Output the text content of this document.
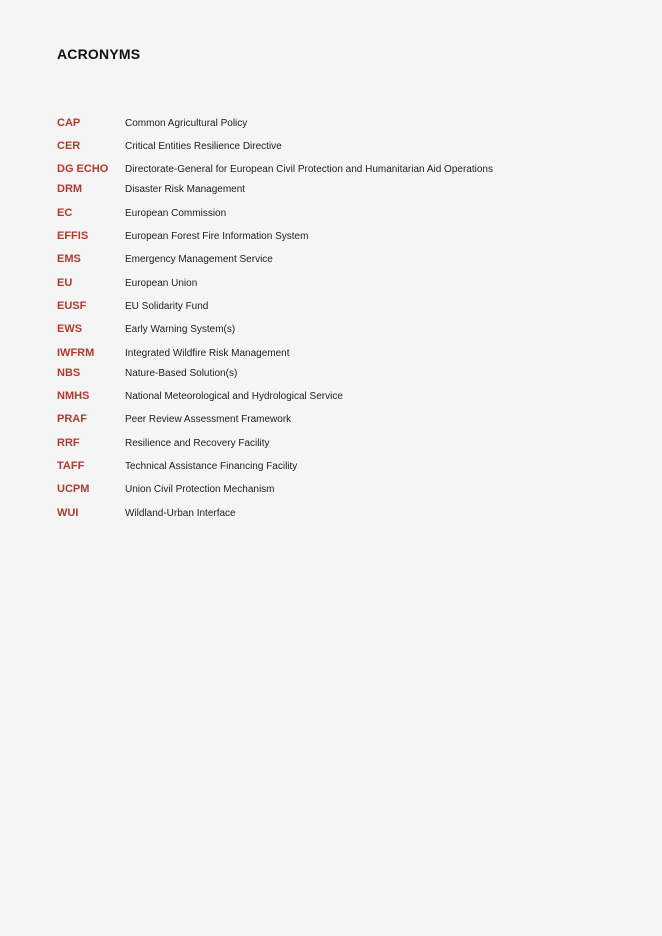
ACRONYMS
CAP	Common Agricultural Policy
CER	Critical Entities Resilience Directive
DG ECHO	Directorate-General for European Civil Protection and Humanitarian Aid Operations
DRM	Disaster Risk Management
EC	European Commission
EFFIS	European Forest Fire Information System
EMS	Emergency Management Service
EU	European Union
EUSF	EU Solidarity Fund
EWS	Early Warning System(s)
IWFRM	Integrated Wildfire Risk Management
NBS	Nature-Based Solution(s)
NMHS	National Meteorological and Hydrological Service
PRAF	Peer Review Assessment Framework
RRF	Resilience and Recovery Facility
TAFF	Technical Assistance Financing Facility
UCPM	Union Civil Protection Mechanism
WUI	Wildland-Urban Interface
